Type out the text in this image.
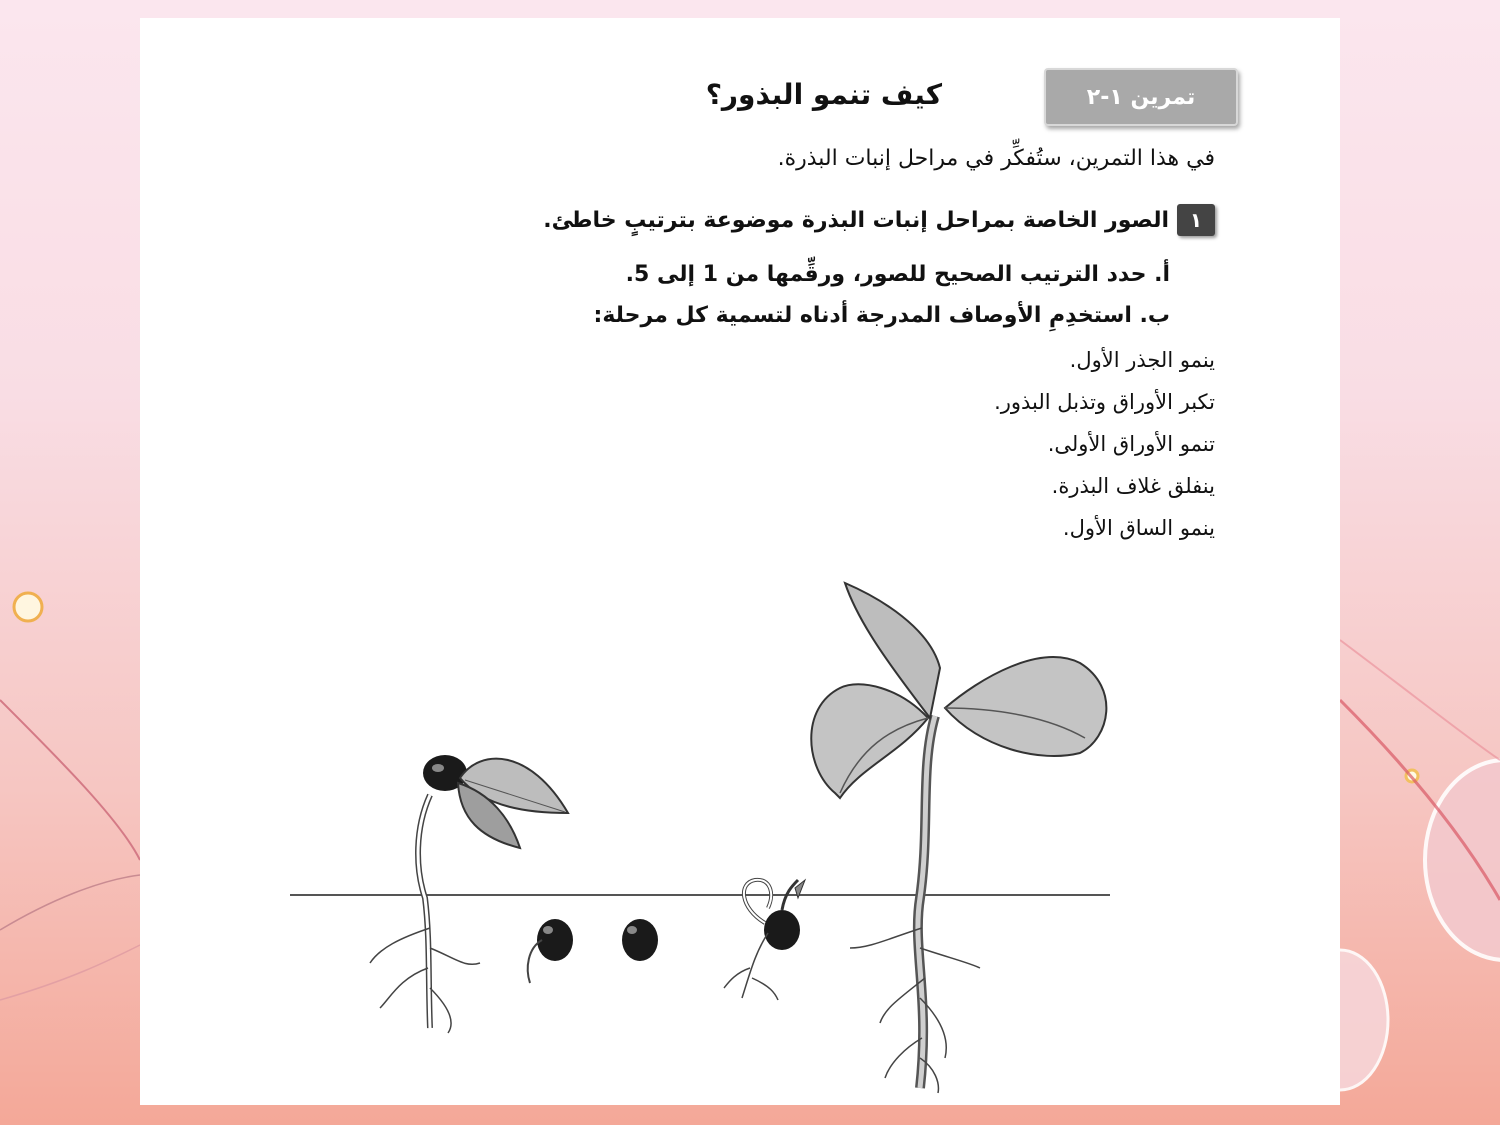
تمرين ١-٢
كيف تنمو البذور؟
في هذا التمرين، ستُفكِّر في مراحل إنبات البذرة.
١
الصور الخاصة بمراحل إنبات البذرة موضوعة بترتيبٍ خاطئ.
أ. حدد الترتيب الصحيح للصور، ورقِّمها من 1 إلى 5.
ب. استخدِمِ الأوصاف المدرجة أدناه لتسمية كل مرحلة:
ينمو الجذر الأول.
تكبر الأوراق وتذبل البذور.
تنمو الأوراق الأولى.
ينفلق غلاف البذرة.
ينمو الساق الأول.
